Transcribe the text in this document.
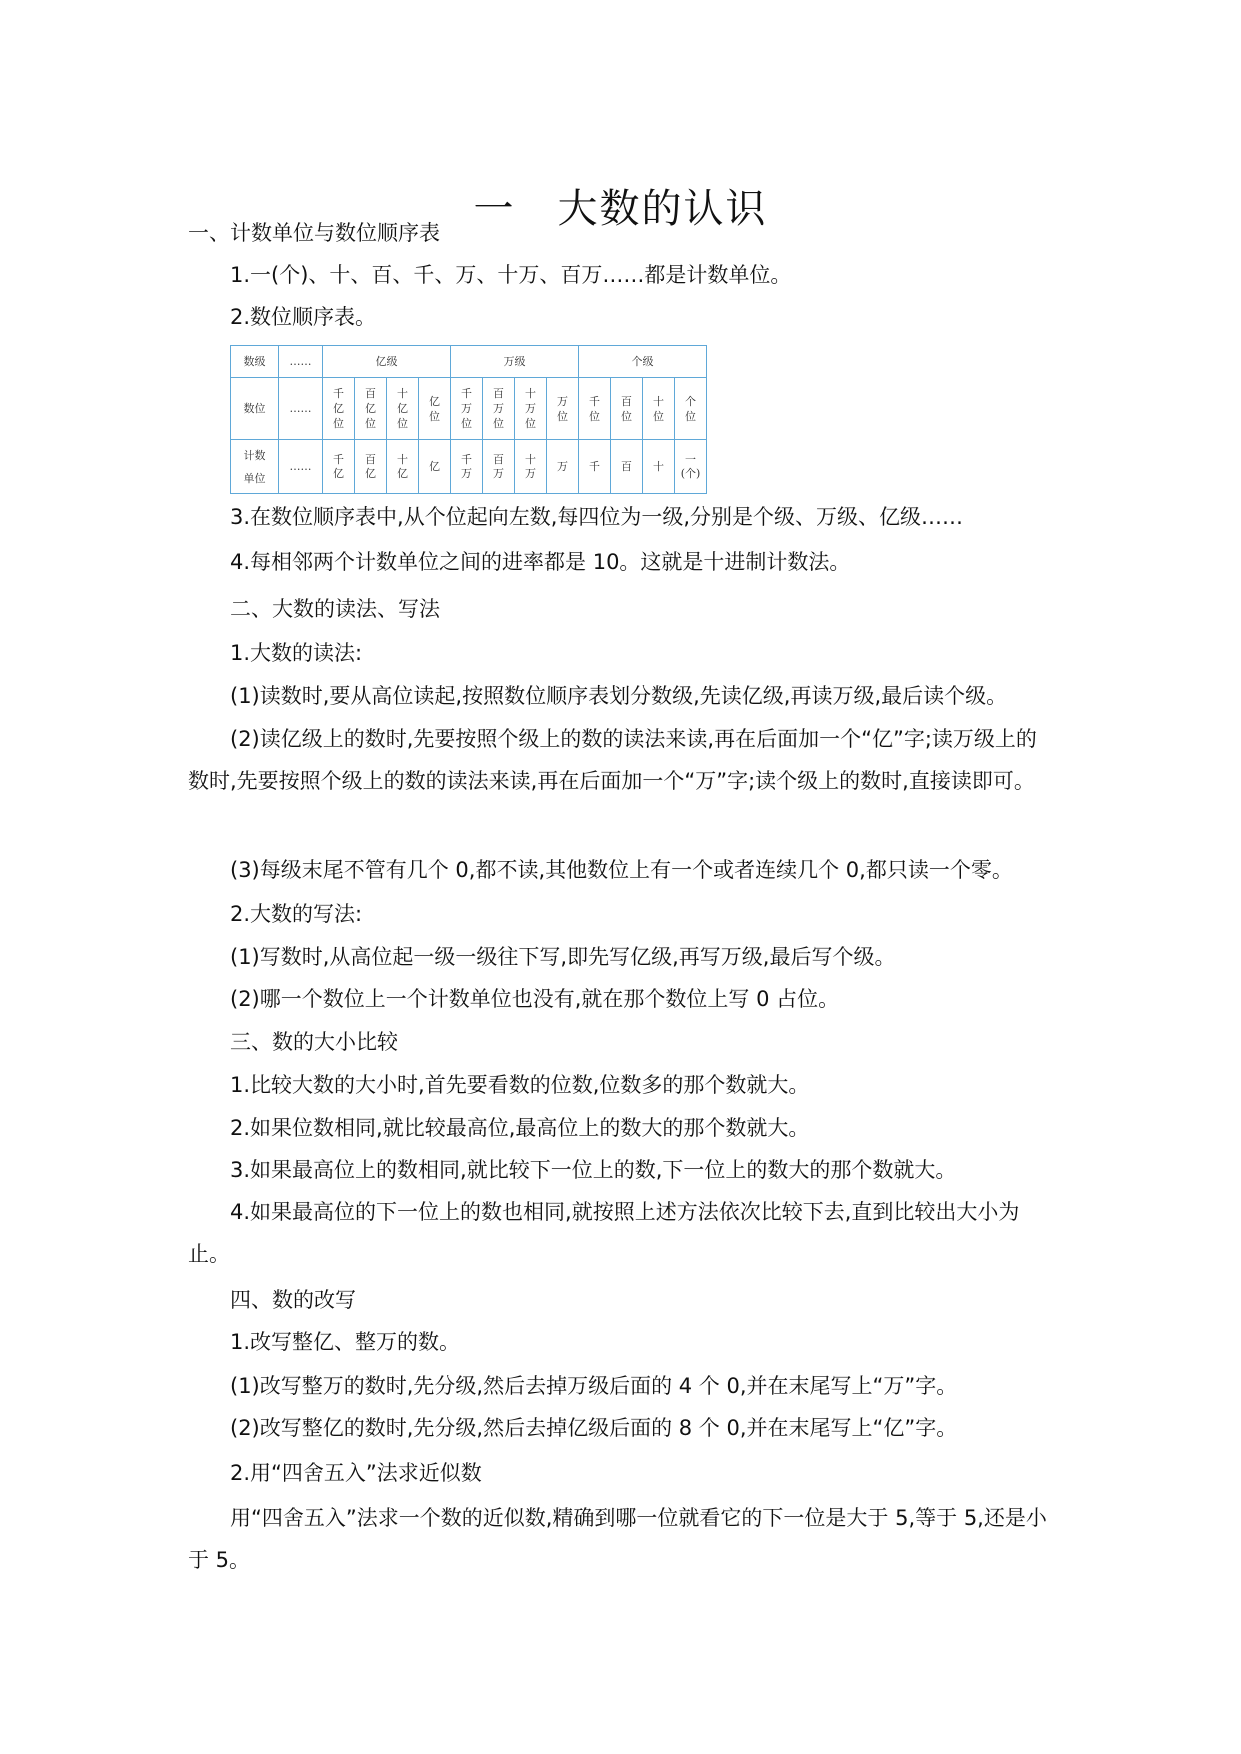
一　大数的认识

一、计数单位与数位顺序表

1.一(个)、十、百、千、万、十万、百万……都是计数单位。

2.数位顺序表。

数级	……	亿级				万级				个级			
数位	……	千
亿
位	百
亿
位	十
亿
位	亿
位	千
万
位	百
万
位	十
万
位	万
位	千
位	百
位	十
位	个
位

计数
单位	……	千
亿	百
亿	十
亿	亿	千
万	百
万	十
万	万	千	百	十	一
(个)

3.在数位顺序表中,从个位起向左数,每四位为一级,分别是个级、万级、亿级……

4.每相邻两个计数单位之间的进率都是 10。这就是十进制计数法。

二、大数的读法、写法

1.大数的读法:

(1)读数时,要从高位读起,按照数位顺序表划分数级,先读亿级,再读万级,最后读个级。

(2)读亿级上的数时,先要按照个级上的数的读法来读,再在后面加一个“亿”字;读万级上的数时,先要按照个级上的数的读法来读,再在后面加一个“万”字;读个级上的数时,直接读即可。

(3)每级末尾不管有几个 0,都不读,其他数位上有一个或者连续几个 0,都只读一个零。

2.大数的写法:

(1)写数时,从高位起一级一级往下写,即先写亿级,再写万级,最后写个级。

(2)哪一个数位上一个计数单位也没有,就在那个数位上写 0 占位。

三、数的大小比较

1.比较大数的大小时,首先要看数的位数,位数多的那个数就大。

2.如果位数相同,就比较最高位,最高位上的数大的那个数就大。

3.如果最高位上的数相同,就比较下一位上的数,下一位上的数大的那个数就大。

4.如果最高位的下一位上的数也相同,就按照上述方法依次比较下去,直到比较出大小为止。

四、数的改写

1.改写整亿、整万的数。

(1)改写整万的数时,先分级,然后去掉万级后面的 4 个 0,并在末尾写上“万”字。

(2)改写整亿的数时,先分级,然后去掉亿级后面的 8 个 0,并在末尾写上“亿”字。

2.用“四舍五入”法求近似数

用“四舍五入”法求一个数的近似数,精确到哪一位就看它的下一位是大于 5,等于 5,还是小于 5。
